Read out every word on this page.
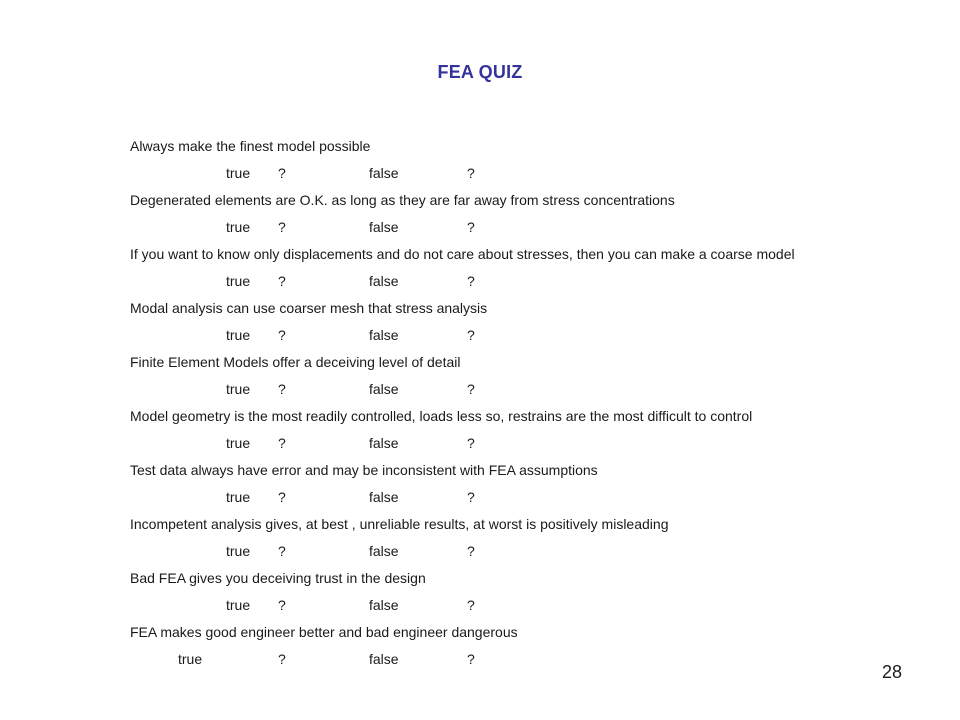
FEA QUIZ
Always make the finest model possible
true ?	false	?
Degenerated elements are O.K. as long as they are far away from stress concentrations
true ?	false	?
If you want to know only displacements and do not care about stresses, then you can make a coarse model
true ?	false	?
Modal analysis can use coarser mesh that stress analysis
true ?	false	?
Finite Element Models offer a deceiving level of detail
true ?	false	?
Model geometry is the most readily controlled, loads less so, restrains are the most difficult to control
true ?	false	?
Test data always have error and may be inconsistent with FEA assumptions
true ?	false	?
Incompetent analysis gives, at best , unreliable results, at worst is positively misleading
true ?	false	?
Bad FEA gives you deceiving trust in the design
true ?	false	?
FEA makes good engineer better and bad engineer dangerous
true	?	false	?
28
